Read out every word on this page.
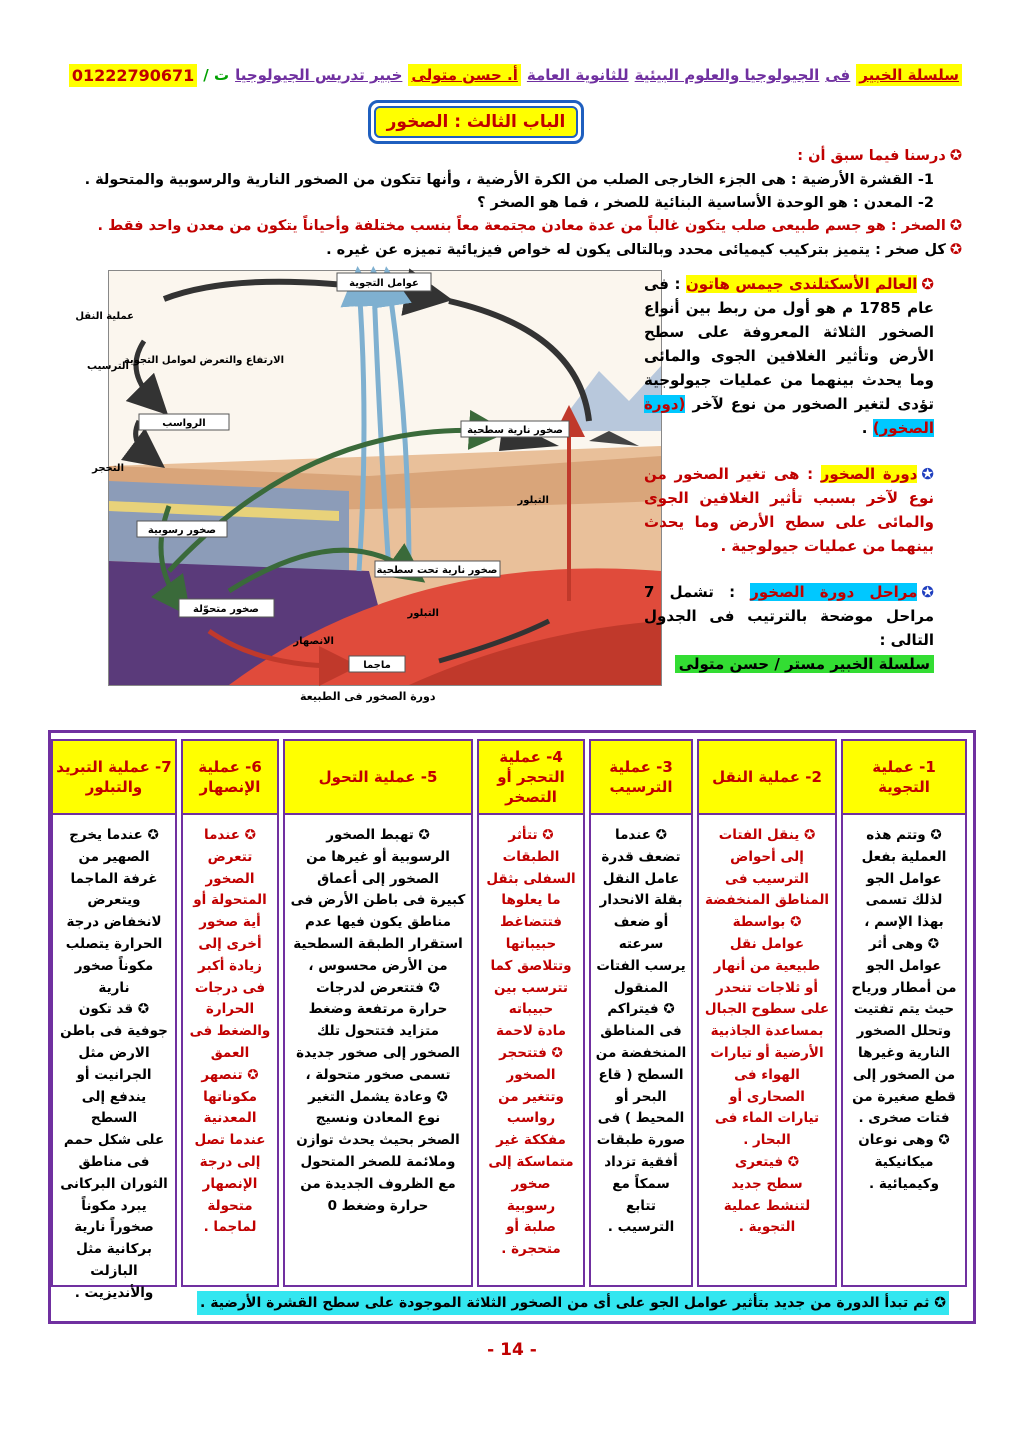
سلسلة الخبير
فى
الجيولوجيا والعلوم البيئية
للثانوية العامة
أ. حسن متولى
خبير تدريس الجيولوجيا
ت /
01222790671
الباب الثالث : الصخور
✪درسنا فيما سبق أن :
1- القشرة الأرضية : هى الجزء الخارجى الصلب من الكرة الأرضية ، وأنها تتكون من الصخور النارية والرسوبية والمتحولة .
2- المعدن : هو الوحدة الأساسية البنائية للصخر ، فما هو الصخر ؟
✪الصخر : هو جسم طبيعى صلب يتكون غالباً من عدة معادن مجتمعة معاً بنسب مختلفة وأحياناً يتكون من معدن واحد فقط .
✪كل صخر : يتميز بتركيب كيميائى محدد وبالتالى يكون له خواص فيزيائية تميزه عن غيره .
عوامل التجوية
عملية النقل
الترسيب
الارتفاع والتعرض لعوامل التجوية
الرواسب
التحجر
صخور نارية سطحية
التبلور
صخور رسوبية
صخور نارية تحت سطحية
التبلور
صخور متحوّلة
الانصهار
ماجما
دورة الصخور فى الطبيعة
✪العالم الأسكتلندى جيمس هاتون : فى عام 1785 م هو أول من ربط بين أنواع الصخور الثلاثة المعروفة على سطح الأرض وتأثير الغلافين الجوى والمائى وما يحدث بينهما من عمليات جيولوجية تؤدى لتغير الصخور من نوع لآخر (دورة الصخور) .
✪دورة الصخور : هى تغير الصخور من نوع لآخر بسبب تأثير الغلافين الجوى والمائى على سطح الأرض وما يحدث بينهما من عمليات جيولوجية .
✪مراحل دورة الصخور : تشمل 7 مراحل موضحة بالترتيب فى الجدول التالى :
سلسلة الخبير مستر / حسن متولى
1- عملية التجوية
✪ وتتم هذه
العملية بفعل
عوامل الجو
لذلك تسمى
بهذا الإسم ،
✪ وهى أثر
عوامل الجو
من أمطار ورياح
حيث يتم تفتيت
وتحلل الصخور
النارية وغيرها
من الصخور إلى
قطع صغيرة من
فتات صخرى .
✪ وهى نوعان
ميكانيكية
وكيميائية .
2- عملية النقل
✪ ينقل الفتات
إلى أحواض
الترسيب فى
المناطق المنخفضة
✪ بواسطة
عوامل نقل
طبيعية من أنهار
أو ثلاجات تنحدر
على سطوح الجبال
بمساعدة الجاذبية
الأرضية أو تيارات
الهواء فى
الصحارى أو
تيارات الماء فى
البحار .
✪ فيتعرى
سطح جديد
لتنشط عملية
التجوية .
3- عملية الترسيب
✪ عندما
تضعف قدرة
عامل النقل
بقلة الانحدار
أو ضعف
سرعته
يرسب الفتات
المنقول
✪ فيتراكم
فى المناطق
المنخفضة من
السطح ( قاع
البحر أو
المحيط ) فى
صورة طبقات
أفقية تزداد
سمكاً مع
تتابع
الترسيب .
4- عملية التحجر أو التصخر
✪ تتأثر
الطبقات
السفلى بثقل
ما يعلوها
فتتضاغط
حبيباتها
وتتلاصق كما
تترسب بين
حبيباته
مادة لاحمة
✪ فتتحجر
الصخور
وتتغير من
رواسب
مفككة غير
متماسكة إلى
صخور
رسوبية
صلبة أو
متحجرة .
5- عملية التحول
✪ تهبط الصخور
الرسوبية أو غيرها من
الصخور إلى أعماق
كبيرة فى باطن الأرض فى
مناطق يكون فيها عدم
استقرار الطبقة السطحية
من الأرض محسوس ،
✪ فتتعرض لدرجات
حرارة مرتفعة وضغط
متزايد فتتحول تلك
الصخور إلى صخور جديدة
تسمى صخور متحولة ،
✪ وعادة يشمل التغير
نوع المعادن ونسيج
الصخر بحيث يحدث توازن
وملائمة للصخر المتحول
مع الظروف الجديدة من
حرارة وضغط 0
6- عملية الإنصهار
✪ عندما
تتعرض
الصخور
المتحولة أو
أية صخور
أخرى إلى
زيادة أكبر
فى درجات
الحرارة
والضغط فى
العمق
✪ تنصهر
مكوناتها
المعدنية
عندما تصل
إلى درجة
الإنصهار
متحولة
لماجما .
7- عملية التبريد والتبلور
✪ عندما يخرج
الصهير من
غرفة الماجما
ويتعرض
لانخفاض درجة
الحرارة يتصلب
مكوناً صخور
نارية
✪ قد تكون
جوفية فى باطن
الارض مثل
الجرانيت أو
يندفع إلى السطح
على شكل حمم
فى مناطق
الثوران البركانى
يبرد مكوناً
صخوراً نارية
بركانية مثل
البازلت
والأنديزيت .
✪ ثم تبدأ الدورة من جديد بتأثير عوامل الجو على أى من الصخور الثلاثة الموجودة على سطح القشرة الأرضية .
- 14 -
